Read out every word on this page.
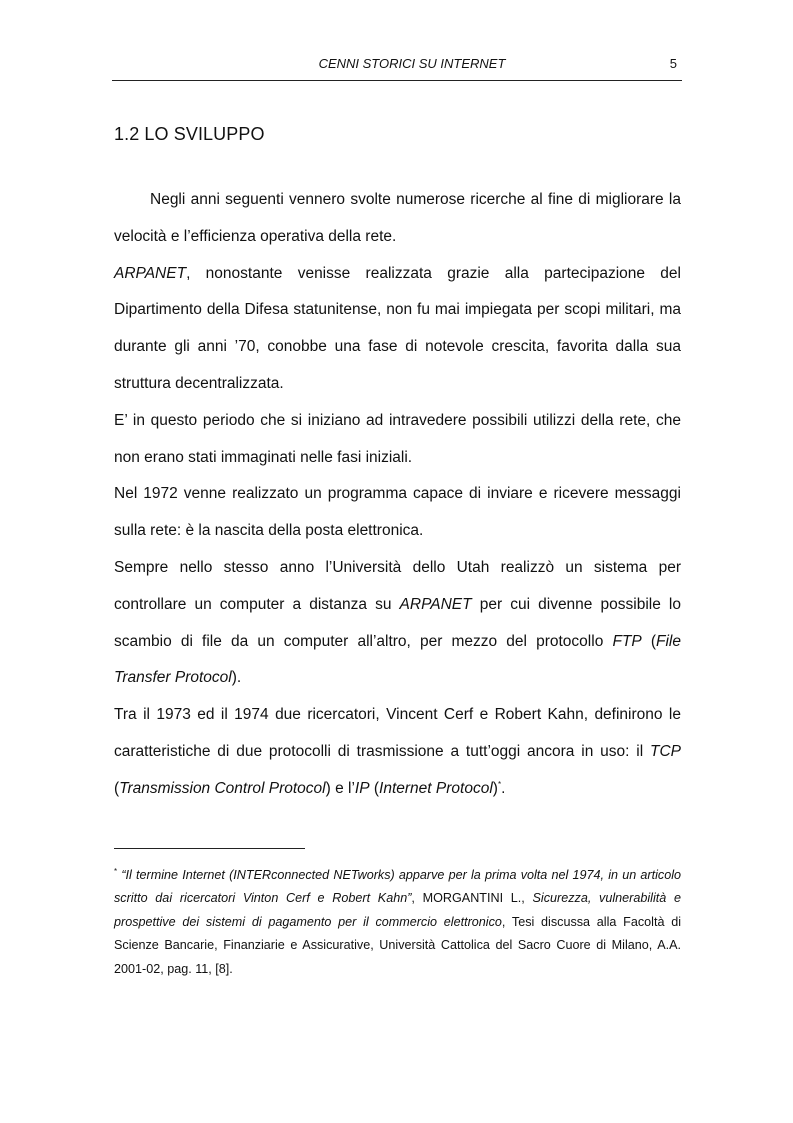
CENNI STORICI SU INTERNET	5
1.2 LO SVILUPPO

Negli anni seguenti vennero svolte numerose ricerche al fine di migliorare la velocità e l’efficienza operativa della rete.

ARPANET, nonostante venisse realizzata grazie alla partecipazione del Dipartimento della Difesa statunitense, non fu mai impiegata per scopi militari, ma durante gli anni ’70, conobbe una fase di notevole crescita, favorita dalla sua struttura decentralizzata.

E’ in questo periodo che si iniziano ad intravedere possibili utilizzi della rete, che non erano stati immaginati nelle fasi iniziali.

Nel 1972 venne realizzato un programma capace di inviare e ricevere messaggi sulla rete: è la nascita della posta elettronica.

Sempre nello stesso anno l’Università dello Utah realizzò un sistema per controllare un computer a distanza su ARPANET per cui divenne possibile lo scambio di file da un computer all’altro, per mezzo del protocollo FTP (File Transfer Protocol).

Tra il 1973 ed il 1974 due ricercatori, Vincent Cerf e Robert Kahn, definirono le caratteristiche di due protocolli di trasmissione a tutt’oggi ancora in uso: il TCP (Transmission Control Protocol) e l’IP (Internet Protocol)*.

* “Il termine Internet (INTERconnected NETworks) apparve per la prima volta nel 1974, in un articolo scritto dai ricercatori Vinton Cerf e Robert Kahn”, MORGANTINI L., Sicurezza, vulnerabilità e prospettive dei sistemi di pagamento per il commercio elettronico, Tesi discussa alla Facoltà di Scienze Bancarie, Finanziarie e Assicurative, Università Cattolica del Sacro Cuore di Milano, A.A. 2001-02, pag. 11, [8].
